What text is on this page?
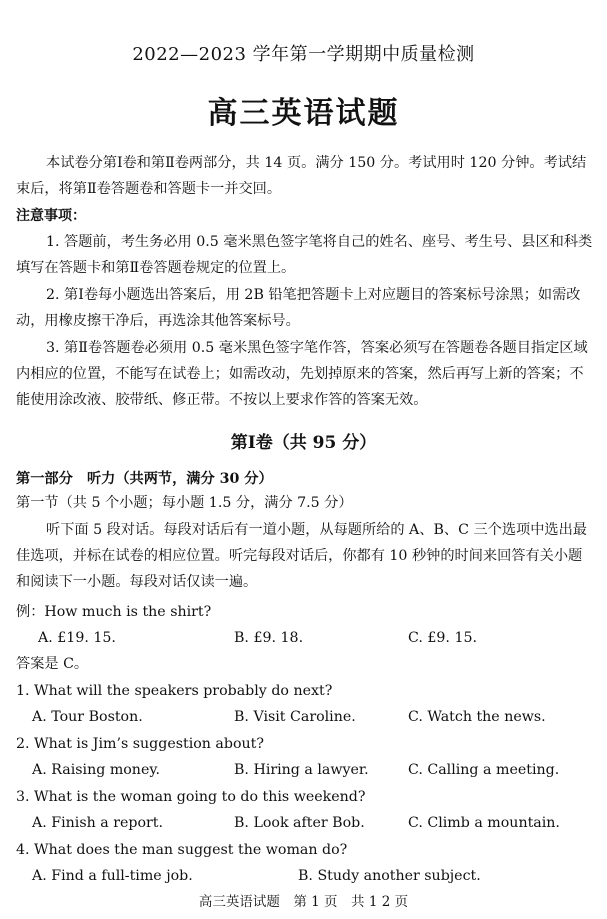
2022—2023 学年第一学期期中质量检测
高三英语试题
本试卷分第Ⅰ卷和第Ⅱ卷两部分，共 14 页。满分 150 分。考试用时 120 分钟。考试结束后，将第Ⅱ卷答题卷和答题卡一并交回。
注意事项：
1. 答题前，考生务必用 0.5 毫米黑色签字笔将自己的姓名、座号、考生号、县区和科类填写在答题卡和第Ⅱ卷答题卷规定的位置上。
2. 第Ⅰ卷每小题选出答案后，用 2B 铅笔把答题卡上对应题目的答案标号涂黑；如需改动，用橡皮擦干净后，再选涂其他答案标号。
3. 第Ⅱ卷答题卷必须用 0.5 毫米黑色签字笔作答，答案必须写在答题卷各题目指定区域内相应的位置，不能写在试卷上；如需改动，先划掉原来的答案，然后再写上新的答案；不能使用涂改液、胶带纸、修正带。不按以上要求作答的答案无效。
第Ⅰ卷（共 95 分）
第一部分　 听力（共两节，满分 30 分）
第一节（共 5 个小题；每小题 1.5 分，满分 7.5 分）
听下面 5 段对话。每段对话后有一道小题，从每题所给的 A、B、C 三个选项中选出最佳选项，并标在试卷的相应位置。听完每段对话后，你都有 10 秒钟的时间来回答有关小题和阅读下一小题。每段对话仅读一遍。
例：How much is the shirt?
A. £19. 15.	B. £9. 18.	C. £9. 15.
答案是 C。
1. What will the speakers probably do next?
A. Tour Boston.	B. Visit Caroline.	C. Watch the news.
2. What is Jim’s suggestion about?
A. Raising money.	B. Hiring a lawyer.	C. Calling a meeting.
3. What is the woman going to do this weekend?
A. Finish a report.	B. Look after Bob.	C. Climb a mountain.
4. What does the man suggest the woman do?
A. Find a full-time job.	B. Study another subject.
高三英语试题　第 1 页　共 1 2 页
